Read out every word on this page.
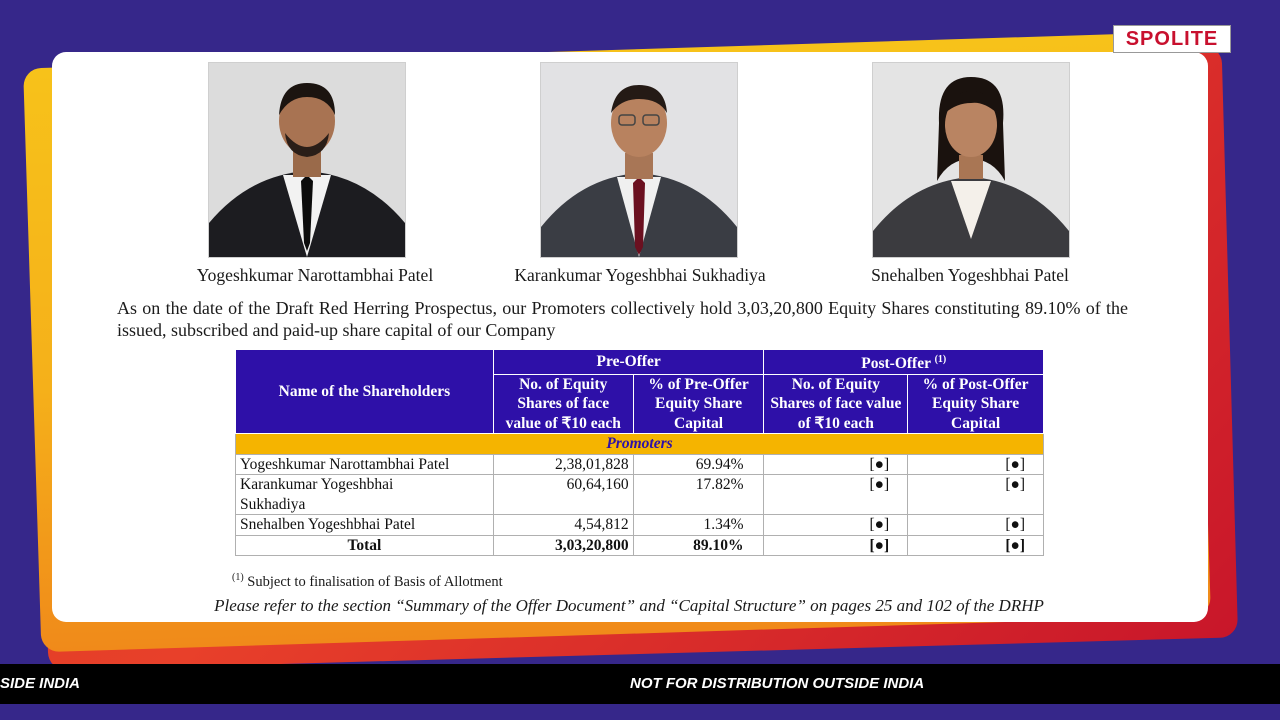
SPOLITE
Yogeshkumar Narottambhai Patel	Karankumar Yogeshbhai Sukhadiya	Snehalben Yogeshbhai Patel
As on the date of the Draft Red Herring Prospectus, our Promoters collectively hold 3,03,20,800 Equity Shares constituting 89.10% of the issued, subscribed and paid-up share capital of our Company
Name of the Shareholders	Pre-Offer		Post-Offer $^{(1)}$
	No. of Equity Shares of face value of ₹10 each	% of Pre-Offer Equity Share Capital	No. of Equity Shares of face value of ₹10 each	% of Post-Offer Equity Share Capital
Promoters				
Yogeshkumar Narottambhai Patel	2,38,01,828	69.94%	[●]	[●]

Karankumar Yogeshbhai Sukhadiya	60,64,160	17.82%	[●]	[●]
Snehalben Yogeshbhai Patel	4,54,812	1.34%	[●]	[●]
Total	3,03,20,800	89.10%	[●]	[●]
$^{(1)}$ Subject to finalisation of Basis of Allotment
Please refer to the section “Summary of the Offer Document” and “Capital Structure” on pages 25 and 102 of the DRHP
SIDE INDIA	NOT FOR DISTRIBUTION OUTSIDE INDIA
